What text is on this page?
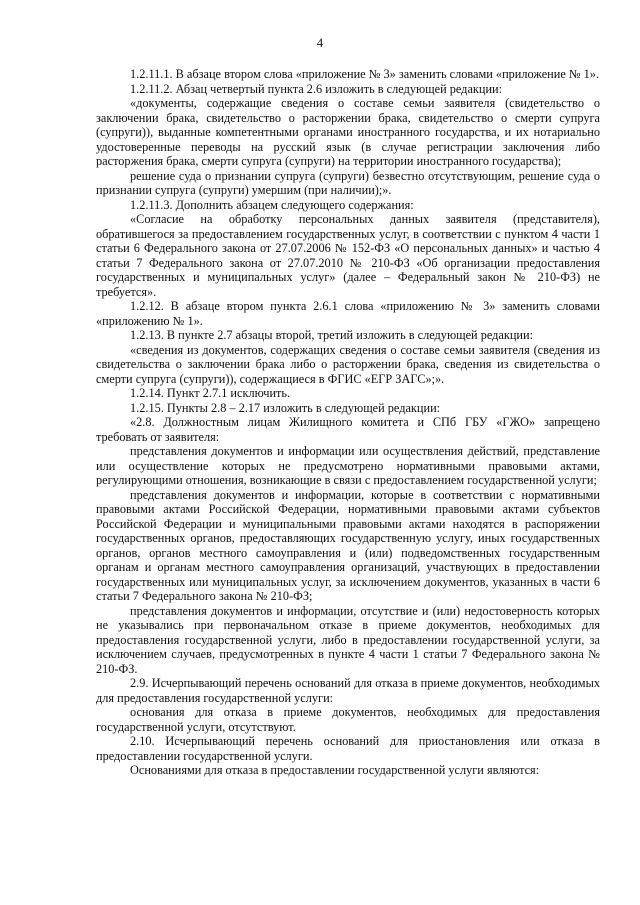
4

1.2.11.1. В абзаце втором слова «приложение № 3» заменить словами «приложение № 1».

1.2.11.2. Абзац четвертый пункта 2.6 изложить в следующей редакции:

«документы, содержащие сведения о составе семьи заявителя (свидетельство о заключении брака, свидетельство о расторжении брака, свидетельство о смерти супруга (супруги)), выданные компетентными органами иностранного государства, и их нотариально удостоверенные переводы на русский язык (в случае регистрации заключения либо расторжения брака, смерти супруга (супруги) на территории иностранного государства);

решение суда о признании супруга (супруги) безвестно отсутствующим, решение суда о признании супруга (супруги) умершим (при наличии);».

1.2.11.3. Дополнить абзацем следующего содержания:

«Согласие на обработку персональных данных заявителя (представителя), обратившегося за предоставлением государственных услуг, в соответствии с пунктом 4 части 1 статьи 6 Федерального закона от 27.07.2006 № 152-ФЗ «О персональных данных» и частью 4 статьи 7 Федерального закона от 27.07.2010 № 210-ФЗ «Об организации предоставления государственных и муниципальных услуг» (далее – Федеральный закон № 210-ФЗ) не требуется».

1.2.12. В абзаце втором пункта 2.6.1 слова «приложению № 3» заменить словами «приложению № 1».

1.2.13. В пункте 2.7 абзацы второй, третий изложить в следующей редакции:

«сведения из документов, содержащих сведения о составе семьи заявителя (сведения из свидетельства о заключении брака либо о расторжении брака, сведения из свидетельства о смерти супруга (супруги)), содержащиеся в ФГИС «ЕГР ЗАГС»;».

1.2.14. Пункт 2.7.1 исключить.

1.2.15. Пункты 2.8 – 2.17 изложить в следующей редакции:

«2.8. Должностным лицам Жилищного комитета и СПб ГБУ «ГЖО» запрещено требовать от заявителя:

представления документов и информации или осуществления действий, представление или осуществление которых не предусмотрено нормативными правовыми актами, регулирующими отношения, возникающие в связи с предоставлением государственной услуги;

представления документов и информации, которые в соответствии с нормативными правовыми актами Российской Федерации, нормативными правовыми актами субъектов Российской Федерации и муниципальными правовыми актами находятся в распоряжении государственных органов, предоставляющих государственную услугу, иных государственных органов, органов местного самоуправления и (или) подведомственных государственным органам и органам местного самоуправления организаций, участвующих в предоставлении государственных или муниципальных услуг, за исключением документов, указанных в части 6 статьи 7 Федерального закона № 210-ФЗ;

представления документов и информации, отсутствие и (или) недостоверность которых не указывались при первоначальном отказе в приеме документов, необходимых для предоставления государственной услуги, либо в предоставлении государственной услуги, за исключением случаев, предусмотренных в пункте 4 части 1 статьи 7 Федерального закона № 210-ФЗ.

2.9. Исчерпывающий перечень оснований для отказа в приеме документов, необходимых для предоставления государственной услуги:

основания для отказа в приеме документов, необходимых для предоставления государственной услуги, отсутствуют.

2.10. Исчерпывающий перечень оснований для приостановления или отказа в предоставлении государственной услуги.

Основаниями для отказа в предоставлении государственной услуги являются:
